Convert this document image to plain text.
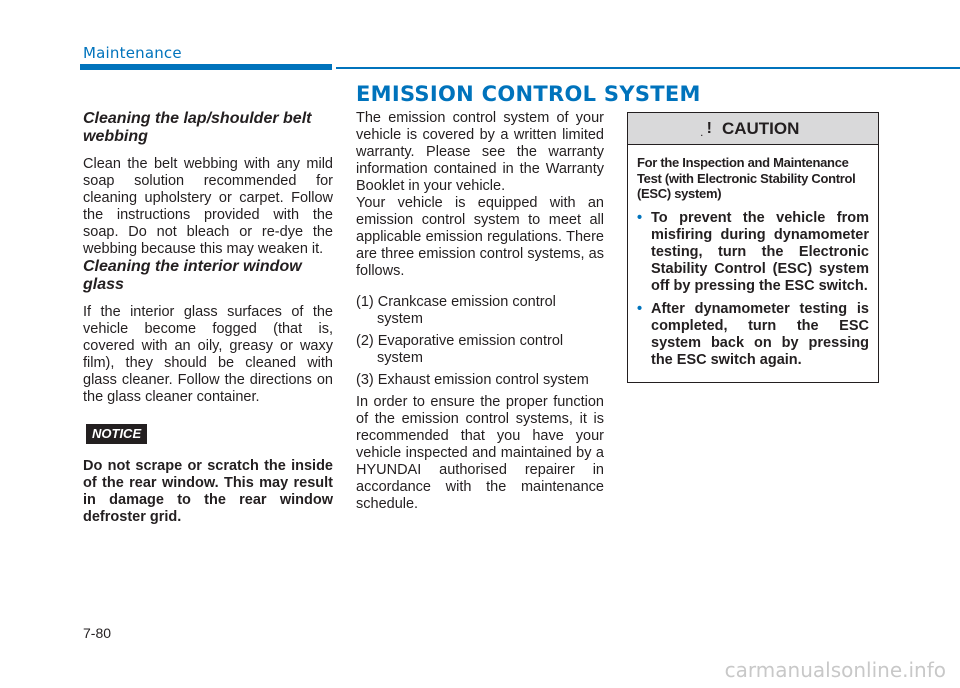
Maintenance
Cleaning the lap/shoulder belt webbing

Clean the belt webbing with any mild soap solution recommended for cleaning upholstery or carpet. Follow the instructions provided with the soap. Do not bleach or re-dye the webbing because this may weaken it.

Cleaning the interior window glass

If the interior glass surfaces of the vehicle become fogged (that is, covered with an oily, greasy or waxy film), they should be cleaned with glass cleaner. Follow the directions on the glass cleaner container.

NOTICE

Do not scrape or scratch the inside of the rear window. This may result in damage to the rear window defroster grid.

EMISSION CONTROL SYSTEM

The emission control system of your vehicle is covered by a written limited warranty. Please see the warranty information contained in the Warranty Booklet in your vehicle.

Your vehicle is equipped with an emission control system to meet all applicable emission regulations. There are three emission control systems, as follows.

(1) Crankcase emission control system
(2) Evaporative emission control system
(3) Exhaust emission control system

In order to ensure the proper function of the emission control systems, it is recommended that you have your vehicle inspected and maintained by a HYUNDAI authorised repairer in accordance with the maintenance schedule.

. ! CAUTION
For the Inspection and Maintenance Test (with Electronic Stability Control (ESC) system)
• To prevent the vehicle from misfiring during dynamometer testing, turn the Electronic Stability Control (ESC) system off by pressing the ESC switch.
• After dynamometer testing is completed, turn the ESC system back on by pressing the ESC switch again.
7-80
carmanualsonline.info
